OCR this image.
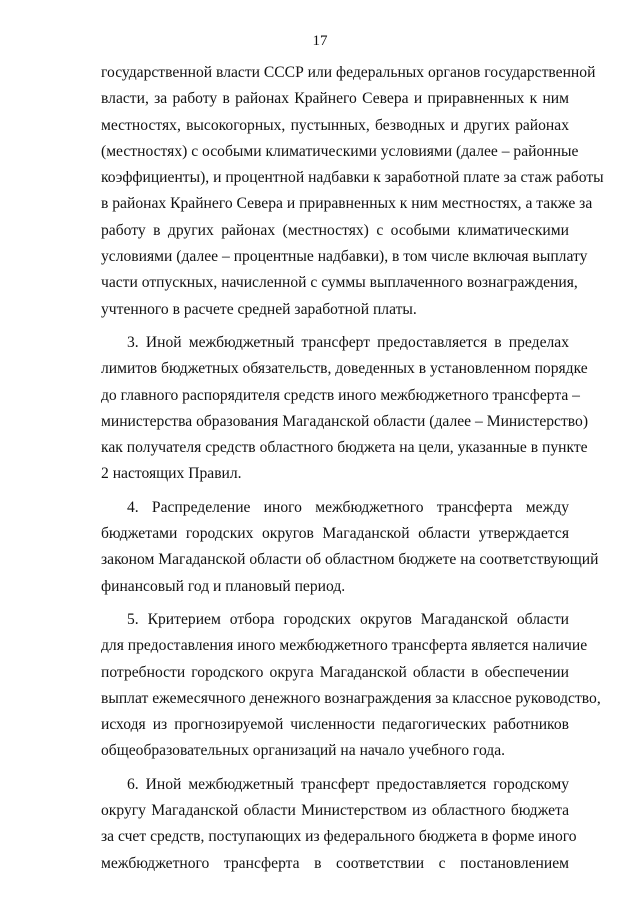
17

государственной власти СССР или федеральных органов государственной
власти, за работу в районах Крайнего Севера и приравненных к ним
местностях, высокогорных, пустынных, безводных и других районах
(местностях) с особыми климатическими условиями (далее – районные
коэффициенты), и процентной надбавки к заработной плате за стаж работы
в районах Крайнего Севера и приравненных к ним местностях, а также за
работу в других районах (местностях) с особыми климатическими
условиями (далее – процентные надбавки), в том числе включая выплату
части отпускных, начисленной с суммы выплаченного вознаграждения,
учтенного в расчете средней заработной платы.

3. Иной межбюджетный трансферт предоставляется в пределах
лимитов бюджетных обязательств, доведенных в установленном порядке
до главного распорядителя средств иного межбюджетного трансферта –
министерства образования Магаданской области (далее – Министерство)
как получателя средств областного бюджета на цели, указанные в пункте
2 настоящих Правил.

4. Распределение иного межбюджетного трансферта между
бюджетами городских округов Магаданской области утверждается
законом Магаданской области об областном бюджете на соответствующий
финансовый год и плановый период.

5. Критерием отбора городских округов Магаданской области
для предоставления иного межбюджетного трансферта является наличие
потребности городского округа Магаданской области в обеспечении
выплат ежемесячного денежного вознаграждения за классное руководство,
исходя из прогнозируемой численности педагогических работников
общеобразовательных организаций на начало учебного года.

6. Иной межбюджетный трансферт предоставляется городскому
округу Магаданской области Министерством из областного бюджета
за счет средств, поступающих из федерального бюджета в форме иного
межбюджетного трансферта в соответствии с постановлением
